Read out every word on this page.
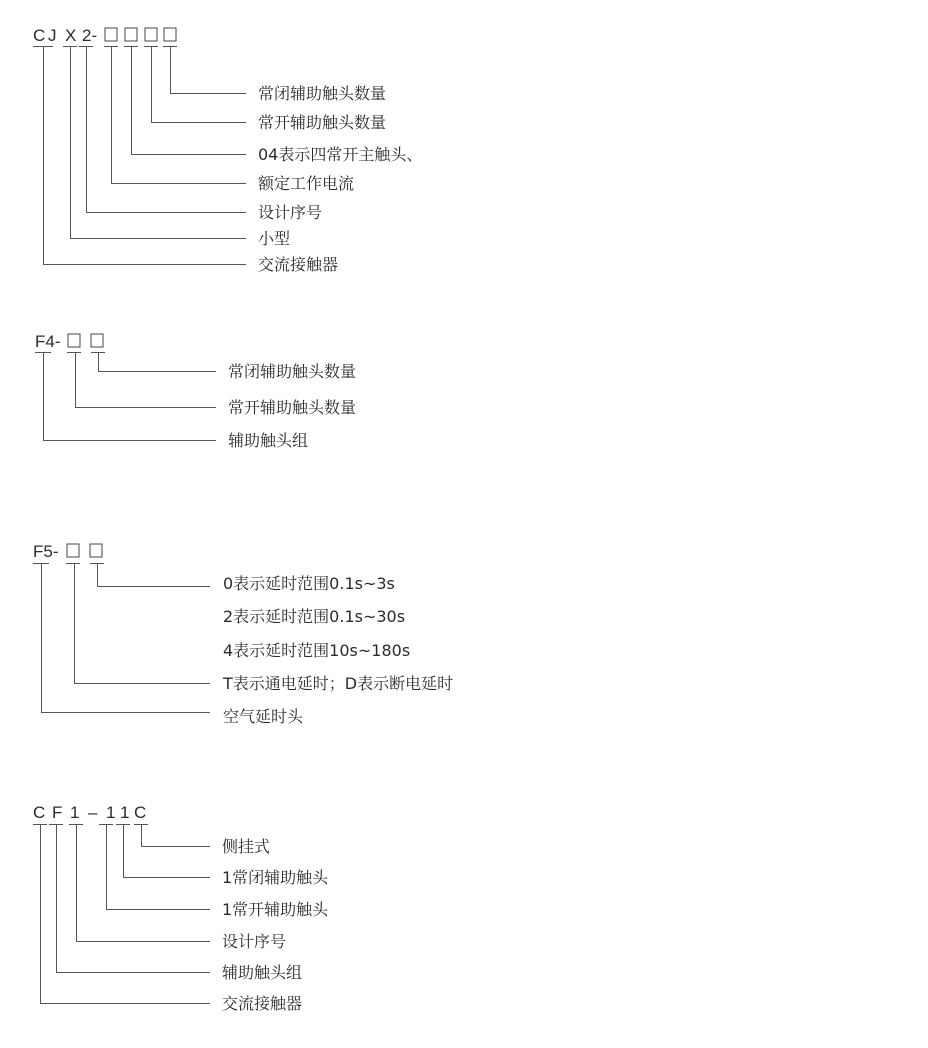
C J X 2-
常闭辅助触头数量
常开辅助触头数量
04表示四常开主触头、
额定工作电流
设计序号
小型
交流接触器
F4-
常闭辅助触头数量
常开辅助触头数量
辅助触头组
F5-
0表示延时范围0.1s~3s
2表示延时范围0.1s~30s
4表示延时范围10s~180s
T表示通电延时；D表示断电延时
空气延时头
C F 1 – 1 1 C
侧挂式
1常闭辅助触头
1常开辅助触头
设计序号
辅助触头组
交流接触器
